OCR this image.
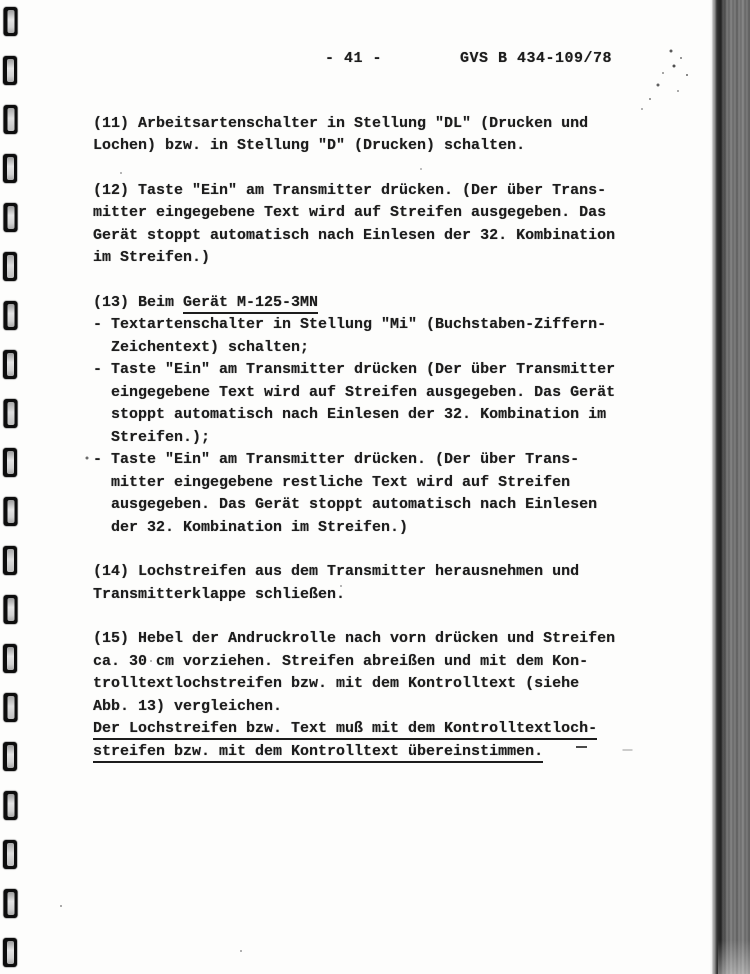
- 41 -	GVS B 434-109/78
(11) Arbeitsartenschalter in Stellung "DL" (Drucken und
Lochen) bzw. in Stellung "D" (Drucken) schalten.
(12) Taste "Ein" am Transmitter drücken. (Der über Trans-
mitter eingegebene Text wird auf Streifen ausgegeben. Das
Gerät stoppt automatisch nach Einlesen der 32. Kombination
im Streifen.)
(13) Beim Gerät M-125-3MN
- Textartenschalter in Stellung "Mi" (Buchstaben-Ziffern-
Zeichentext) schalten;
- Taste "Ein" am Transmitter drücken (Der über Transmitter
eingegebene Text wird auf Streifen ausgegeben. Das Gerät
stoppt automatisch nach Einlesen der 32. Kombination im
Streifen.);
- Taste "Ein" am Transmitter drücken. (Der über Trans-
mitter eingegebene restliche Text wird auf Streifen
ausgegeben. Das Gerät stoppt automatisch nach Einlesen
der 32. Kombination im Streifen.)
(14) Lochstreifen aus dem Transmitter herausnehmen und
Transmitterklappe schließen.
(15) Hebel der Andruckrolle nach vorn drücken und Streifen
ca. 30 cm vorziehen. Streifen abreißen und mit dem Kon-
trolltextlochstreifen bzw. mit dem Kontrolltext (siehe
Abb. 13) vergleichen.
Der Lochstreifen bzw. Text muß mit dem Kontrolltextloch-
streifen bzw. mit dem Kontrolltext übereinstimmen.
